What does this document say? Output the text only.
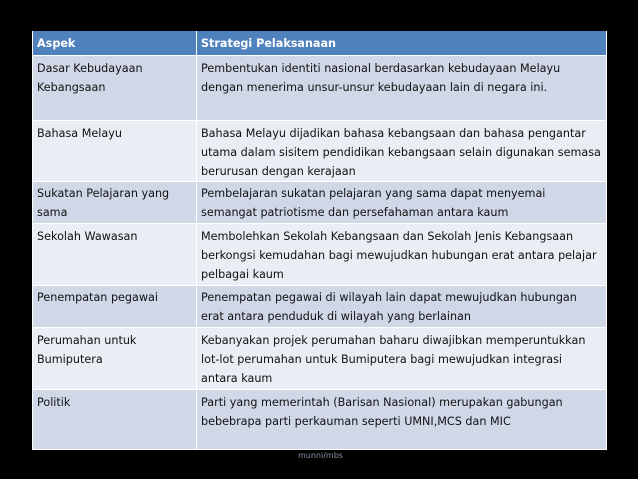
Aspek	Strategi Pelaksanaan
Dasar Kebudayaan Kebangsaan	Pembentukan identiti nasional berdasarkan kebudayaan Melayu dengan menerima unsur-unsur kebudayaan lain di negara ini.
Bahasa Melayu	Bahasa Melayu dijadikan bahasa kebangsaan dan bahasa pengantar utama dalam sisitem pendidikan kebangsaan selain digunakan semasa berurusan dengan kerajaan
Sukatan Pelajaran yang sama	Pembelajaran sukatan pelajaran yang sama dapat menyemai semangat patriotisme dan persefahaman antara kaum
Sekolah Wawasan	Membolehkan Sekolah Kebangsaan dan Sekolah Jenis Kebangsaan berkongsi kemudahan bagi mewujudkan hubungan erat antara pelajar pelbagai kaum
Penempatan pegawai	Penempatan pegawai di wilayah lain dapat mewujudkan hubungan erat antara penduduk di wilayah yang berlainan
Perumahan untuk Bumiputera	Kebanyakan projek perumahan baharu diwajibkan memperuntukkan lot-lot perumahan untuk Bumiputera bagi mewujudkan integrasi antara kaum
Politik	Parti yang memerintah (Barisan Nasional) merupakan gabungan bebebrapa parti perkauman seperti UMNI,MCS dan MIC
munni/mbs
